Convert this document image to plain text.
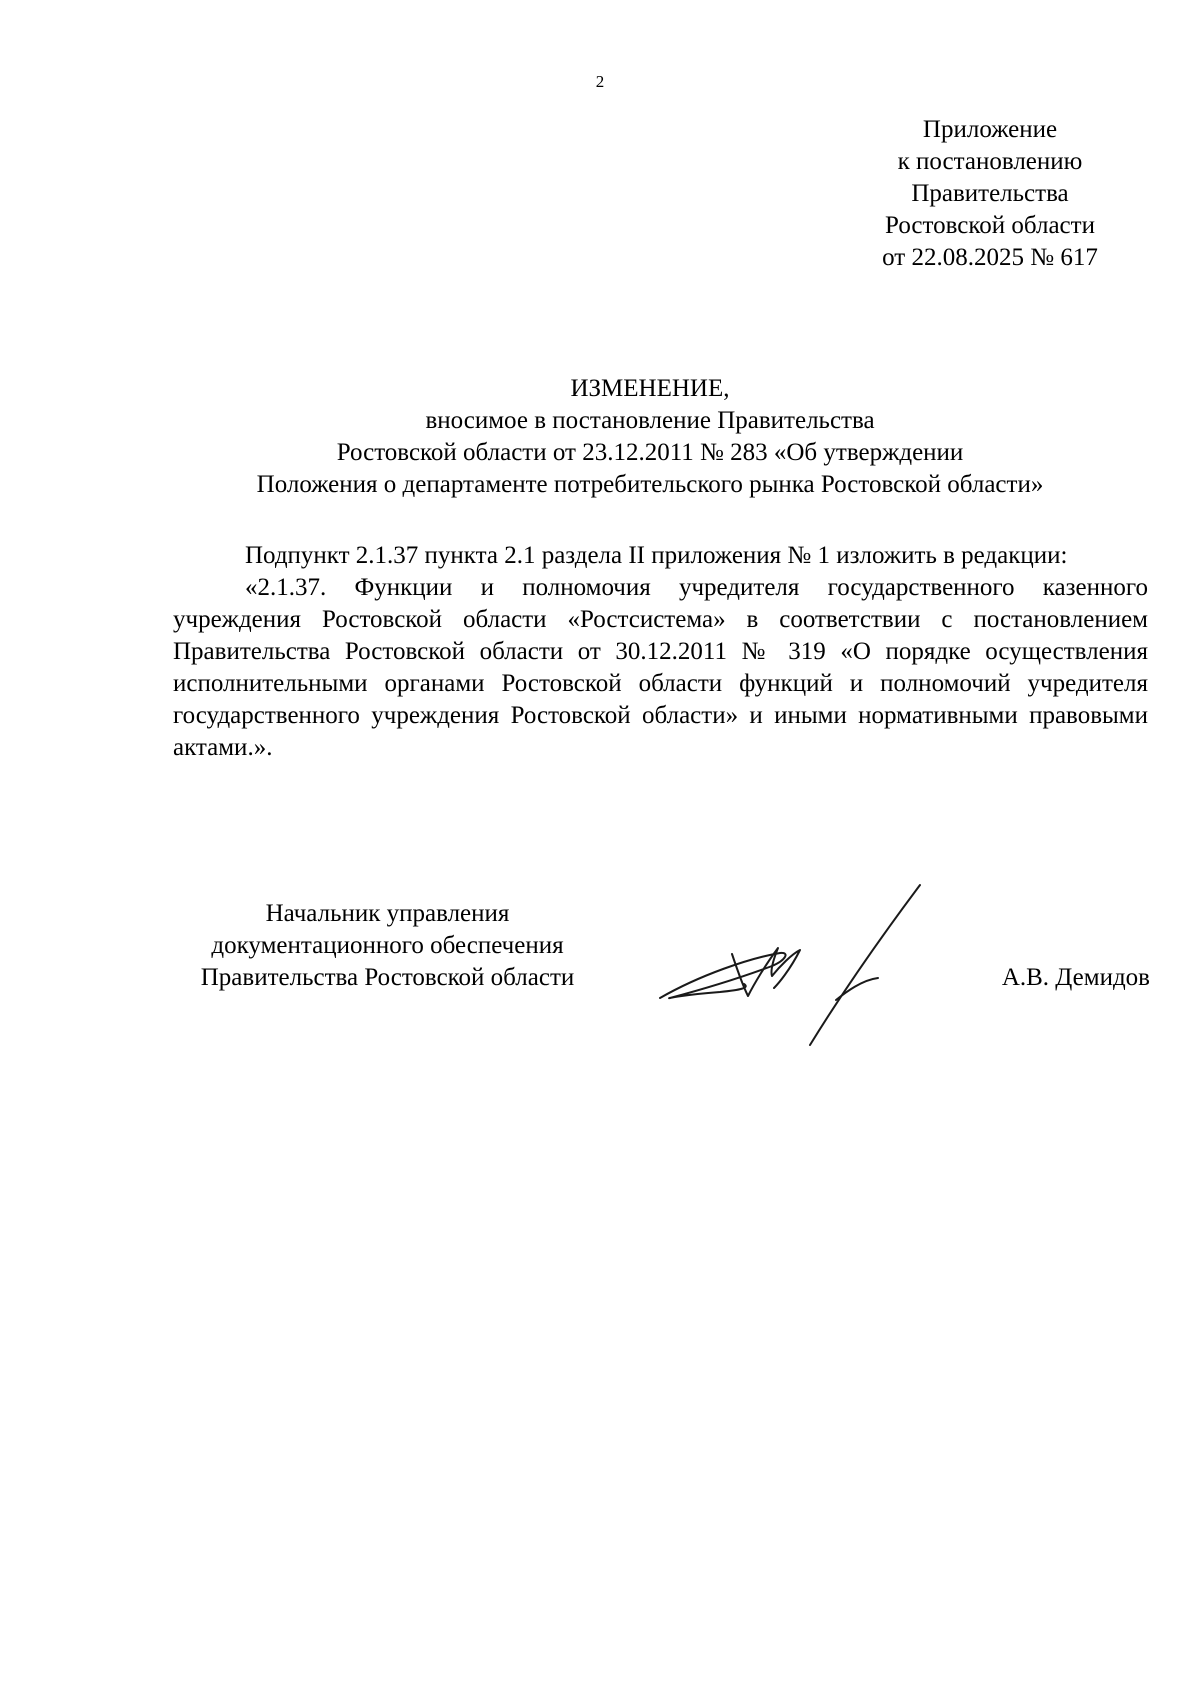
2
Приложение
к постановлению
Правительства
Ростовской области
от 22.08.2025 № 617
ИЗМЕНЕНИЕ,
вносимое в постановление Правительства
Ростовской области от 23.12.2011 № 283 «Об утверждении
Положения о департаменте потребительского рынка Ростовской области»

Подпункт 2.1.37 пункта 2.1 раздела II приложения № 1 изложить в редакции:

«2.1.37. Функции и полномочия учредителя государственного казенного учреждения Ростовской области «Ростсистема» в соответствии с постановлением Правительства Ростовской области от 30.12.2011 № 319 «О порядке осуществления исполнительными органами Ростовской области функций и полномочий учредителя государственного учреждения Ростовской области» и иными нормативными правовыми актами.».

Начальник управления
документационного обеспечения
Правительства Ростовской области	А.В. Демидов
